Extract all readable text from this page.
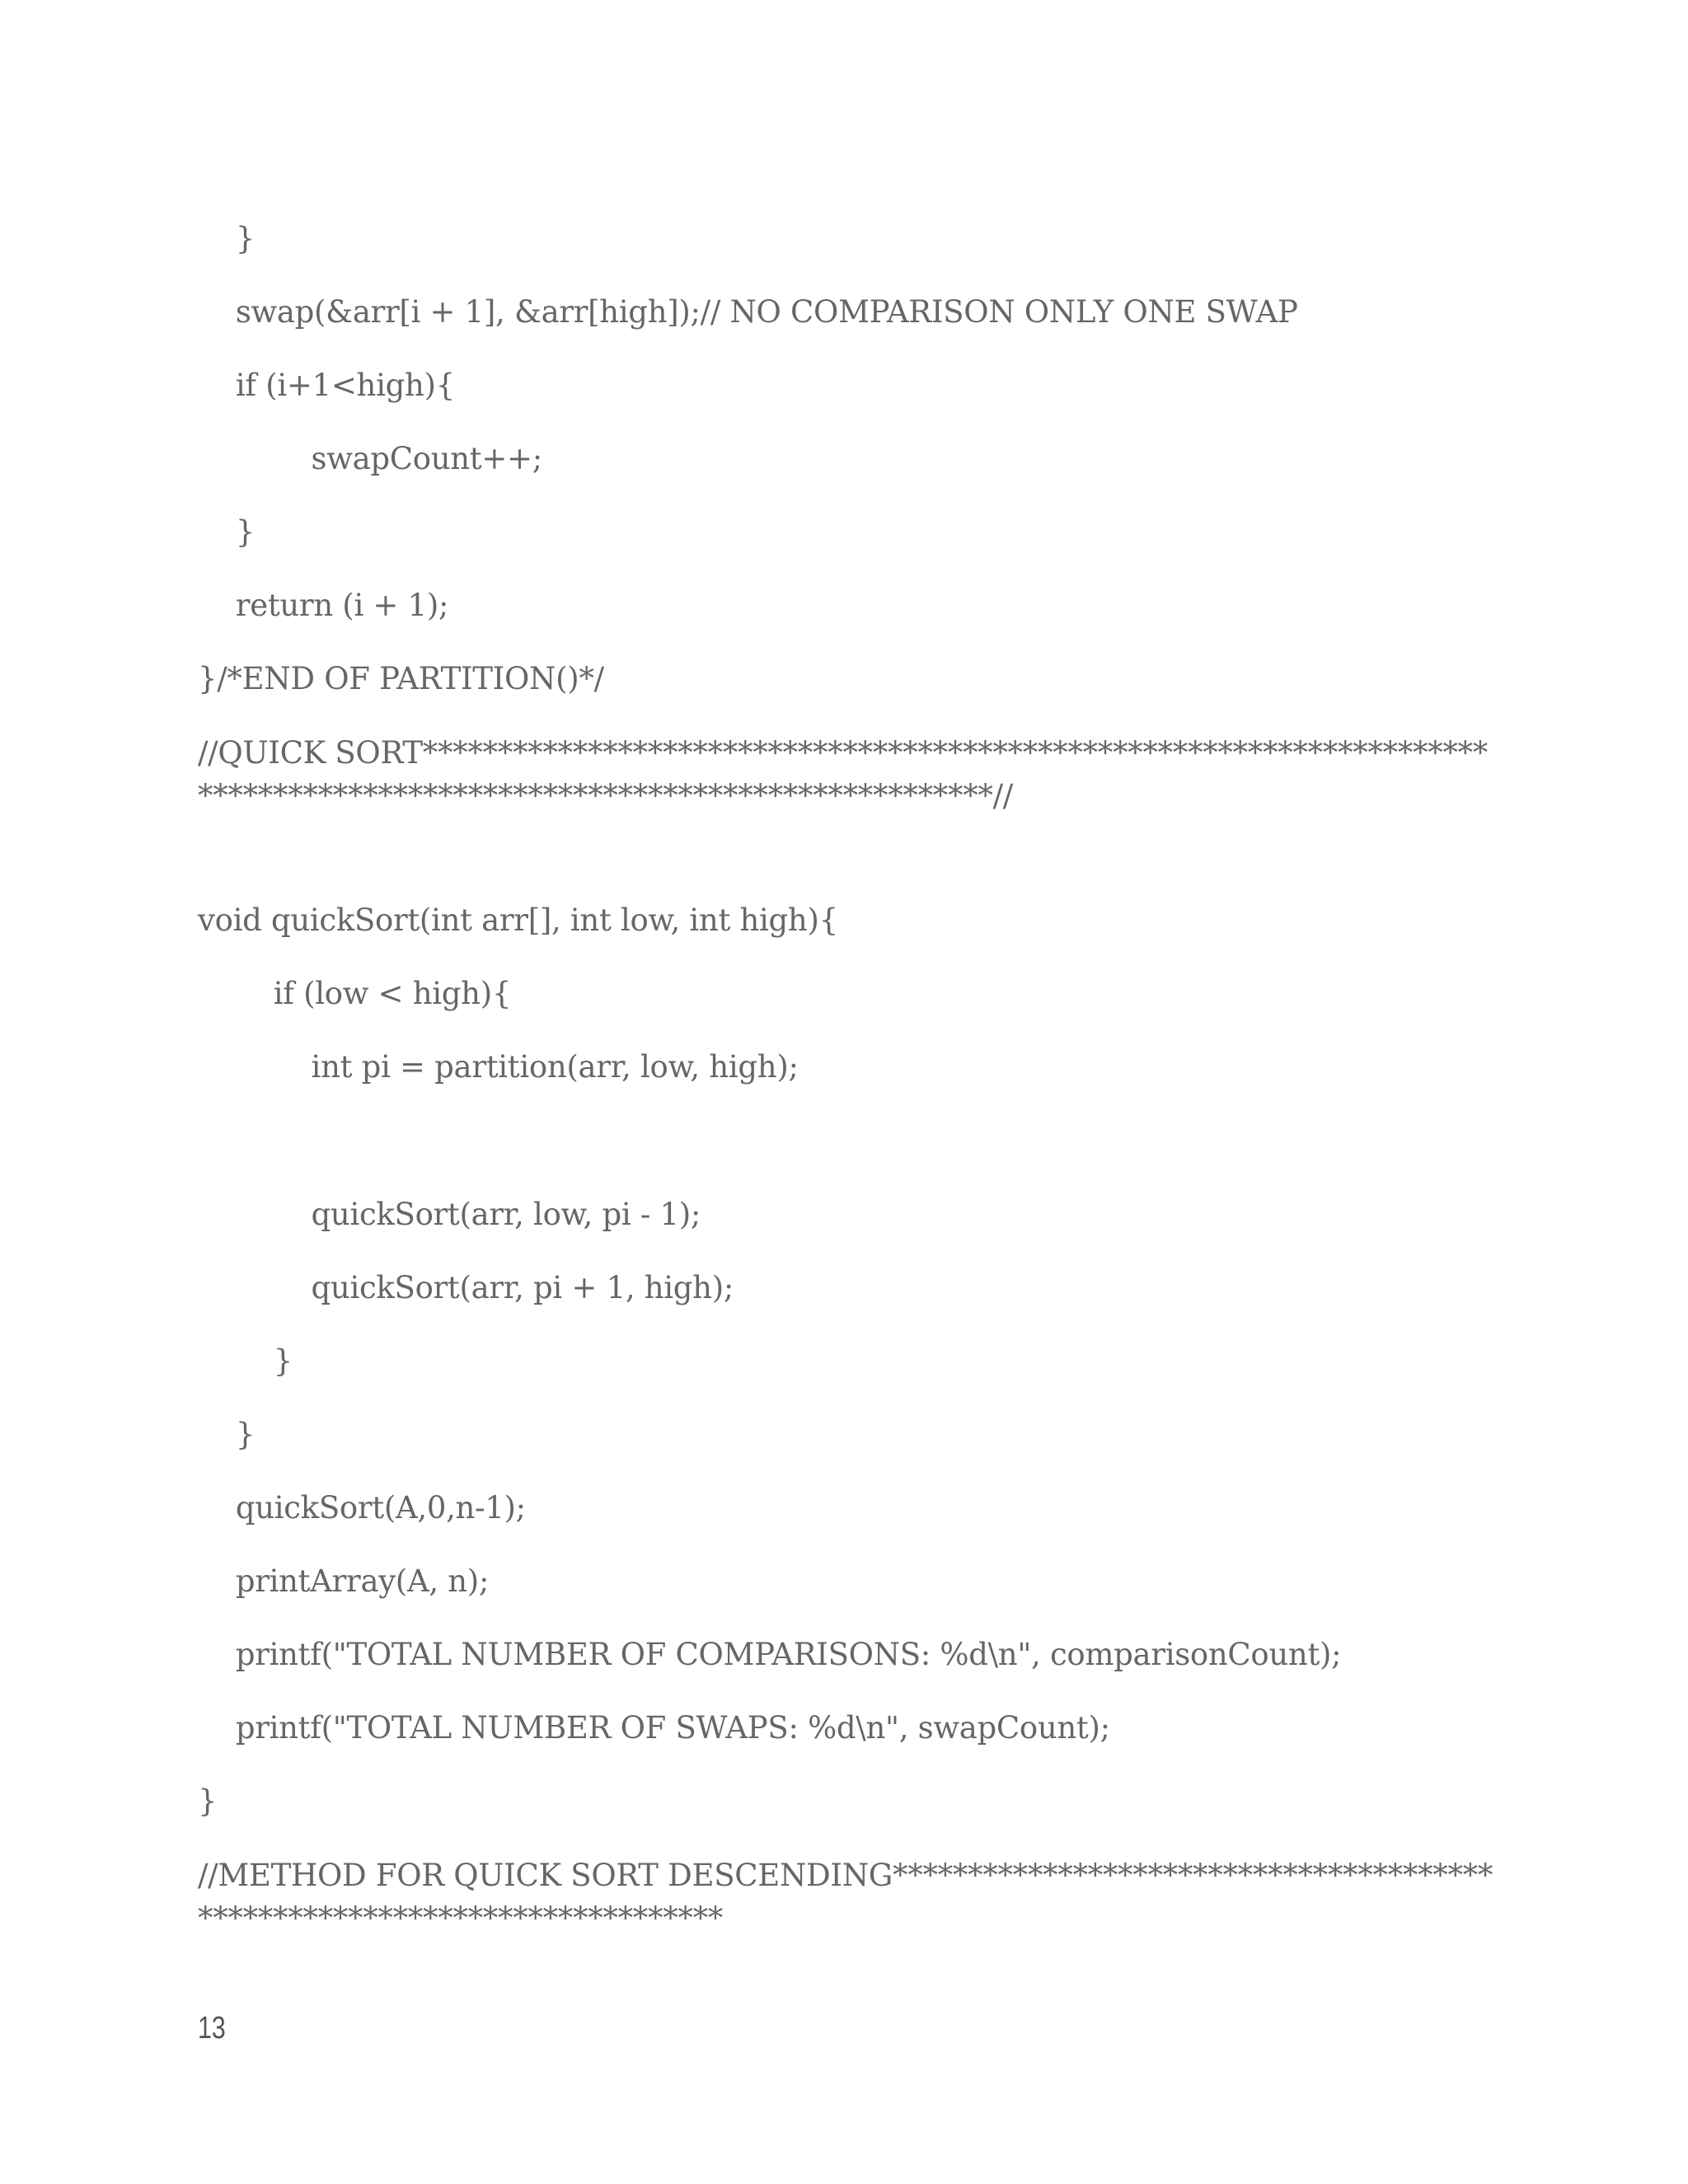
}
swap(&arr[i + 1], &arr[high]);// NO COMPARISON ONLY ONE SWAP
if (i+1<high){
swapCount++;
}
return (i + 1);
}/*END OF PARTITION()*/
//QUICK SORT****************************************************************************************************************************//
void quickSort(int arr[], int low, int high){
if (low < high){
int pi = partition(arr, low, high);
quickSort(arr, low, pi - 1);
quickSort(arr, pi + 1, high);
}
}
quickSort(A,0,n-1);
printArray(A, n);
printf("TOTAL NUMBER OF COMPARISONS: %d\n", comparisonCount);
printf("TOTAL NUMBER OF SWAPS: %d\n", swapCount);
}
//METHOD FOR QUICK SORT DESCENDING***************************************************************************
13
